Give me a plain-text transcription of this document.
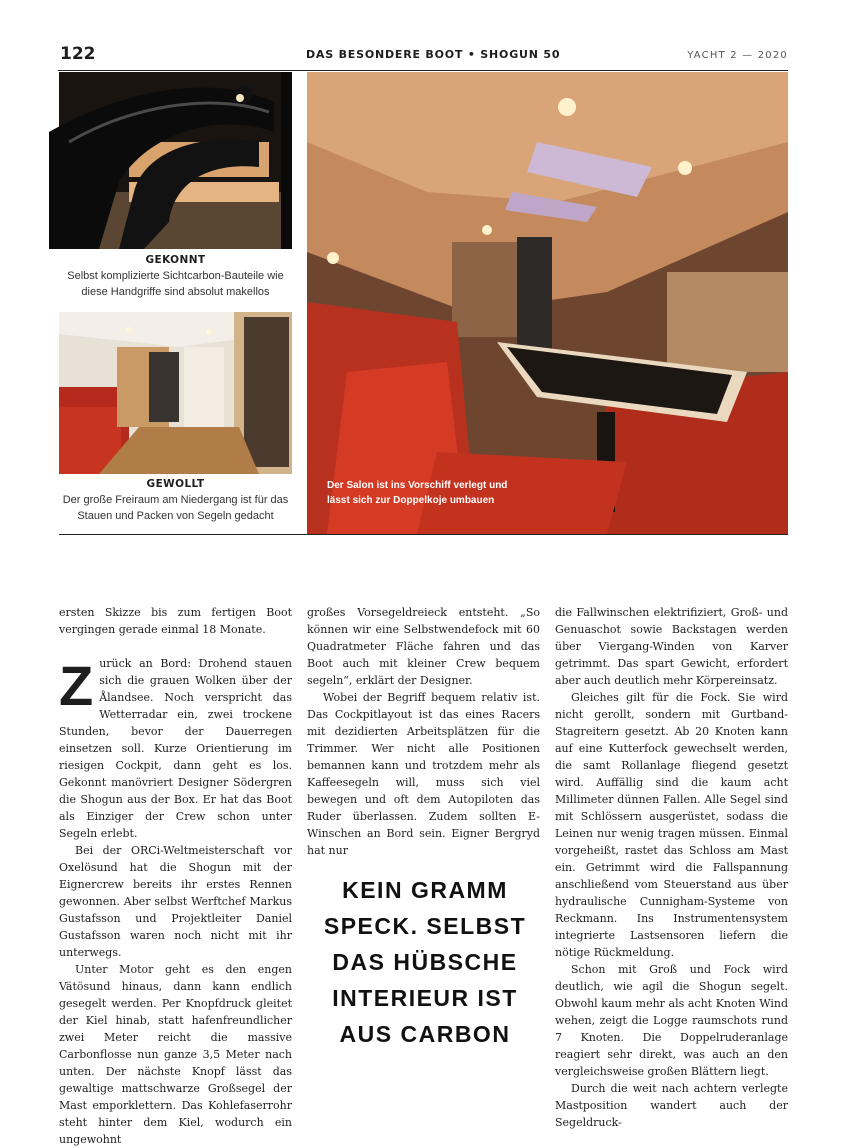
122	DAS BESONDERE BOOT • SHOGUN 50	YACHT 2 — 2020
GEKONNT
Selbst komplizierte Sichtcarbon-Bauteile wie diese Handgriffe sind absolut makellos
GEWOLLT
Der große Freiraum am Niedergang ist für das Stauen und Packen von Segeln gedacht
Der Salon ist ins Vorschiff verlegt und lässt sich zur Doppelkoje umbauen

ersten Skizze bis zum fertigen Boot vergingen gerade einmal 18 Monate.

Zurück an Bord: Drohend stauen sich die grauen Wolken über der Ålandsee. Noch verspricht das Wetterradar ein, zwei trockene Stunden, bevor der Dauerregen einsetzen soll. Kurze Orientierung im riesigen Cockpit, dann geht es los. Gekonnt manövriert Designer Södergren die Shogun aus der Box. Er hat das Boot als Einziger der Crew schon unter Segeln erlebt.

Bei der ORCi-Weltmeisterschaft vor Oxelösund hat die Shogun mit der Eignercrew bereits ihr erstes Rennen gewonnen. Aber selbst Werftchef Markus Gustafsson und Projektleiter Daniel Gustafsson waren noch nicht mit ihr unterwegs.

Unter Motor geht es den engen Vätösund hinaus, dann kann endlich gesegelt werden. Per Knopfdruck gleitet der Kiel hinab, statt hafenfreundlicher zwei Meter reicht die massive Carbonflosse nun ganze 3,5 Meter nach unten. Der nächste Knopf lässt das gewaltige mattschwarze Großsegel der Mast emporklettern. Das Kohlefaserrohr steht hinter dem Kiel, wodurch ein ungewohnt

großes Vorsegeldreieck entsteht. „So können wir eine Selbstwendefock mit 60 Quadratmeter Fläche fahren und das Boot auch mit kleiner Crew bequem segeln“, erklärt der Designer.

Wobei der Begriff bequem relativ ist. Das Cockpitlayout ist das eines Racers mit dezidierten Arbeitsplätzen für die Trimmer. Wer nicht alle Positionen bemannen kann und trotzdem mehr als Kaffeesegeln will, muss sich viel bewegen und oft dem Autopiloten das Ruder überlassen. Zudem sollten E-Winschen an Bord sein. Eigner Bergryd hat nur

KEIN GRAMM SPECK. SELBST DAS HÜBSCHE INTERIEUR IST AUS CARBON

die Fallwinschen elektrifiziert, Groß- und Genuaschot sowie Backstagen werden über Viergang-Winden von Karver getrimmt. Das spart Gewicht, erfordert aber auch deutlich mehr Körpereinsatz.

Gleiches gilt für die Fock. Sie wird nicht gerollt, sondern mit Gurtband-Stagreitern gesetzt. Ab 20 Knoten kann auf eine Kutterfock gewechselt werden, die samt Rollanlage fliegend gesetzt wird. Auffällig sind die kaum acht Millimeter dünnen Fallen. Alle Segel sind mit Schlössern ausgerüstet, sodass die Leinen nur wenig tragen müssen. Einmal vorgeheißt, rastet das Schloss am Mast ein. Getrimmt wird die Fallspannung anschließend vom Steuerstand aus über hydraulische Cunnigham-Systeme von Reckmann. Ins Instrumentensystem integrierte Lastsensoren liefern die nötige Rückmeldung.

Schon mit Groß und Fock wird deutlich, wie agil die Shogun segelt. Obwohl kaum mehr als acht Knoten Wind wehen, zeigt die Logge raumschots rund 7 Knoten. Die Doppelruderanlage reagiert sehr direkt, was auch an den vergleichsweise großen Blättern liegt.

Durch die weit nach achtern verlegte Mastposition wandert auch der Segeldruck-
